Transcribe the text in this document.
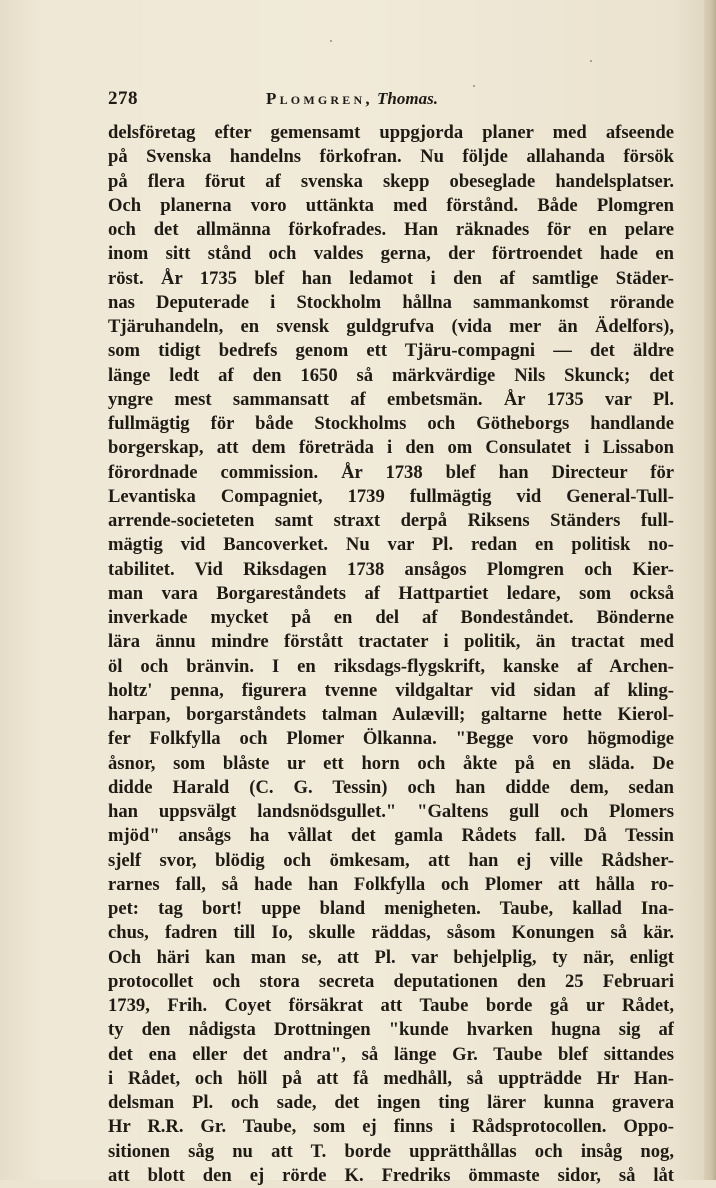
278	Plomgren, Thomas.
delsföretag efter gemensamt uppgjorda planer med afseende
på Svenska handelns förkofran. Nu följde allahanda försök
på flera förut af svenska skepp obeseglade handelsplatser.
Och planerna voro uttänkta med förstånd. Både Plomgren
och det allmänna förkofrades. Han räknades för en pelare
inom sitt stånd och valdes gerna, der förtroendet hade en
röst. År 1735 blef han ledamot i den af samtlige Städer-
nas Deputerade i Stockholm hållna sammankomst rörande
Tjäruhandeln, en svensk guldgrufva (vida mer än Ädelfors),
som tidigt bedrefs genom ett Tjäru-compagni — det äldre
länge ledt af den 1650 så märkvärdige Nils Skunck; det
yngre mest sammansatt af embetsmän. År 1735 var Pl.
fullmägtig för både Stockholms och Götheborgs handlande
borgerskap, att dem företräda i den om Consulatet i Lissabon
förordnade commission. År 1738 blef han Directeur för
Levantiska Compagniet, 1739 fullmägtig vid General-Tull-
arrende-societeten samt straxt derpå Riksens Ständers full-
mägtig vid Bancoverket. Nu var Pl. redan en politisk no-
tabilitet. Vid Riksdagen 1738 ansågos Plomgren och Kier-
man vara Borgareståndets af Hattpartiet ledare, som också
inverkade mycket på en del af Bondeståndet. Bönderne
lära ännu mindre förstått tractater i politik, än tractat med
öl och bränvin. I en riksdags-flygskrift, kanske af Archen-
holtz' penna, figurera tvenne vildgaltar vid sidan af kling-
harpan, borgarståndets talman Aulævill; galtarne hette Kierol-
fer Folkfylla och Plomer Ölkanna. "Begge voro högmodige
åsnor, som blåste ur ett horn och åkte på en släda. De
didde Harald (C. G. Tessin) och han didde dem, sedan
han uppsvälgt landsnödsgullet." "Galtens gull och Plomers
mjöd" ansågs ha vållat det gamla Rådets fall. Då Tessin
sjelf svor, blödig och ömkesam, att han ej ville Rådsher-
rarnes fall, så hade han Folkfylla och Plomer att hålla ro-
pet: tag bort! uppe bland menigheten. Taube, kallad Ina-
chus, fadren till Io, skulle räddas, såsom Konungen så kär.
Och häri kan man se, att Pl. var behjelplig, ty när, enligt
protocollet och stora secreta deputationen den 25 Februari
1739, Frih. Coyet försäkrat att Taube borde gå ur Rådet,
ty den nådigsta Drottningen "kunde hvarken hugna sig af
det ena eller det andra", så länge Gr. Taube blef sittandes
i Rådet, och höll på att få medhåll, så uppträdde Hr Han-
delsman Pl. och sade, det ingen ting lärer kunna gravera
Hr R.R. Gr. Taube, som ej finns i Rådsprotocollen. Oppo-
sitionen såg nu att T. borde upprätthållas och insåg nog,
att blott den ej rörde K. Fredriks ömmaste sidor, så låt
